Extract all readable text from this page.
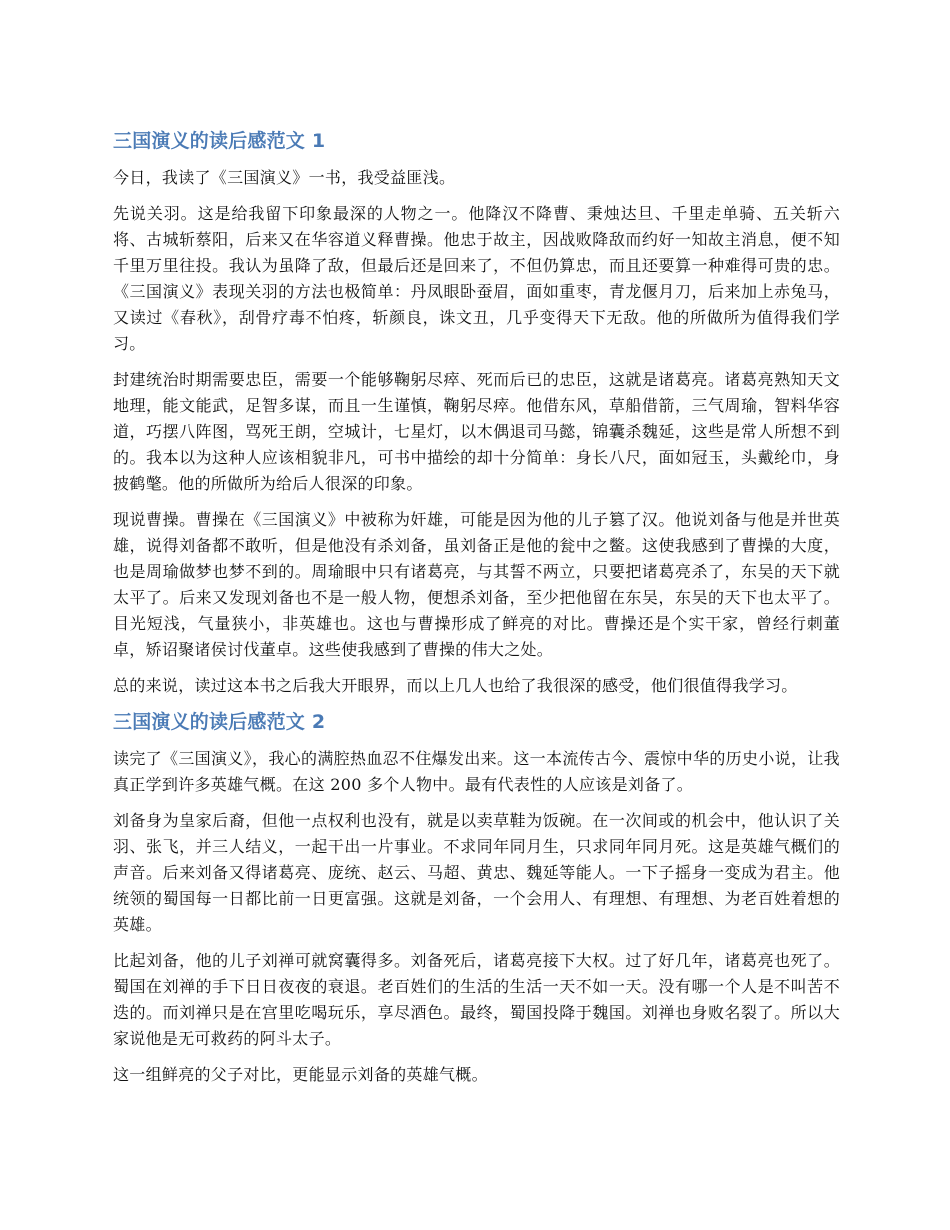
三国演义的读后感范文 1

今日，我读了《三国演义》一书，我受益匪浅。

先说关羽。这是给我留下印象最深的人物之一。他降汉不降曹、秉烛达旦、千里走单骑、五关斩六将、古城斩蔡阳，后来又在华容道义释曹操。他忠于故主，因战败降敌而约好一知故主消息，便不知千里万里往投。我认为虽降了敌，但最后还是回来了，不但仍算忠，而且还要算一种难得可贵的忠。《三国演义》表现关羽的方法也极简单：丹凤眼卧蚕眉，面如重枣，青龙偃月刀，后来加上赤兔马，又读过《春秋》，刮骨疗毒不怕疼，斩颜良，诛文丑，几乎变得天下无敌。他的所做所为值得我们学习。

封建统治时期需要忠臣，需要一个能够鞠躬尽瘁、死而后已的忠臣，这就是诸葛亮。诸葛亮熟知天文地理，能文能武，足智多谋，而且一生谨慎，鞠躬尽瘁。他借东风，草船借箭，三气周瑜，智料华容道，巧摆八阵图，骂死王朗，空城计，七星灯，以木偶退司马懿，锦囊杀魏延，这些是常人所想不到的。我本以为这种人应该相貌非凡，可书中描绘的却十分简单：身长八尺，面如冠玉，头戴纶巾，身披鹤氅。他的所做所为给后人很深的印象。

现说曹操。曹操在《三国演义》中被称为奸雄，可能是因为他的儿子篡了汉。他说刘备与他是并世英雄，说得刘备都不敢听，但是他没有杀刘备，虽刘备正是他的瓮中之鳖。这使我感到了曹操的大度，也是周瑜做梦也梦不到的。周瑜眼中只有诸葛亮，与其誓不两立，只要把诸葛亮杀了，东吴的天下就太平了。后来又发现刘备也不是一般人物，便想杀刘备，至少把他留在东吴，东吴的天下也太平了。目光短浅，气量狭小，非英雄也。这也与曹操形成了鲜亮的对比。曹操还是个实干家，曾经行刺董卓，矫诏聚诸侯讨伐董卓。这些使我感到了曹操的伟大之处。

总的来说，读过这本书之后我大开眼界，而以上几人也给了我很深的感受，他们很值得我学习。

三国演义的读后感范文 2

读完了《三国演义》，我心的满腔热血忍不住爆发出来。这一本流传古今、震惊中华的历史小说，让我真正学到许多英雄气概。在这 200 多个人物中。最有代表性的人应该是刘备了。

刘备身为皇家后裔，但他一点权利也没有，就是以卖草鞋为饭碗。在一次间或的机会中，他认识了关羽、张飞，并三人结义，一起干出一片事业。不求同年同月生，只求同年同月死。这是英雄气概们的声音。后来刘备又得诸葛亮、庞统、赵云、马超、黄忠、魏延等能人。一下子摇身一变成为君主。他统领的蜀国每一日都比前一日更富强。这就是刘备，一个会用人、有理想、有理想、为老百姓着想的英雄。

比起刘备，他的儿子刘禅可就窝囊得多。刘备死后，诸葛亮接下大权。过了好几年，诸葛亮也死了。蜀国在刘禅的手下日日夜夜的衰退。老百姓们的生活的生活一天不如一天。没有哪一个人是不叫苦不迭的。而刘禅只是在宫里吃喝玩乐，享尽酒色。最终，蜀国投降于魏国。刘禅也身败名裂了。所以大家说他是无可救药的阿斗太子。

这一组鲜亮的父子对比，更能显示刘备的英雄气概。
